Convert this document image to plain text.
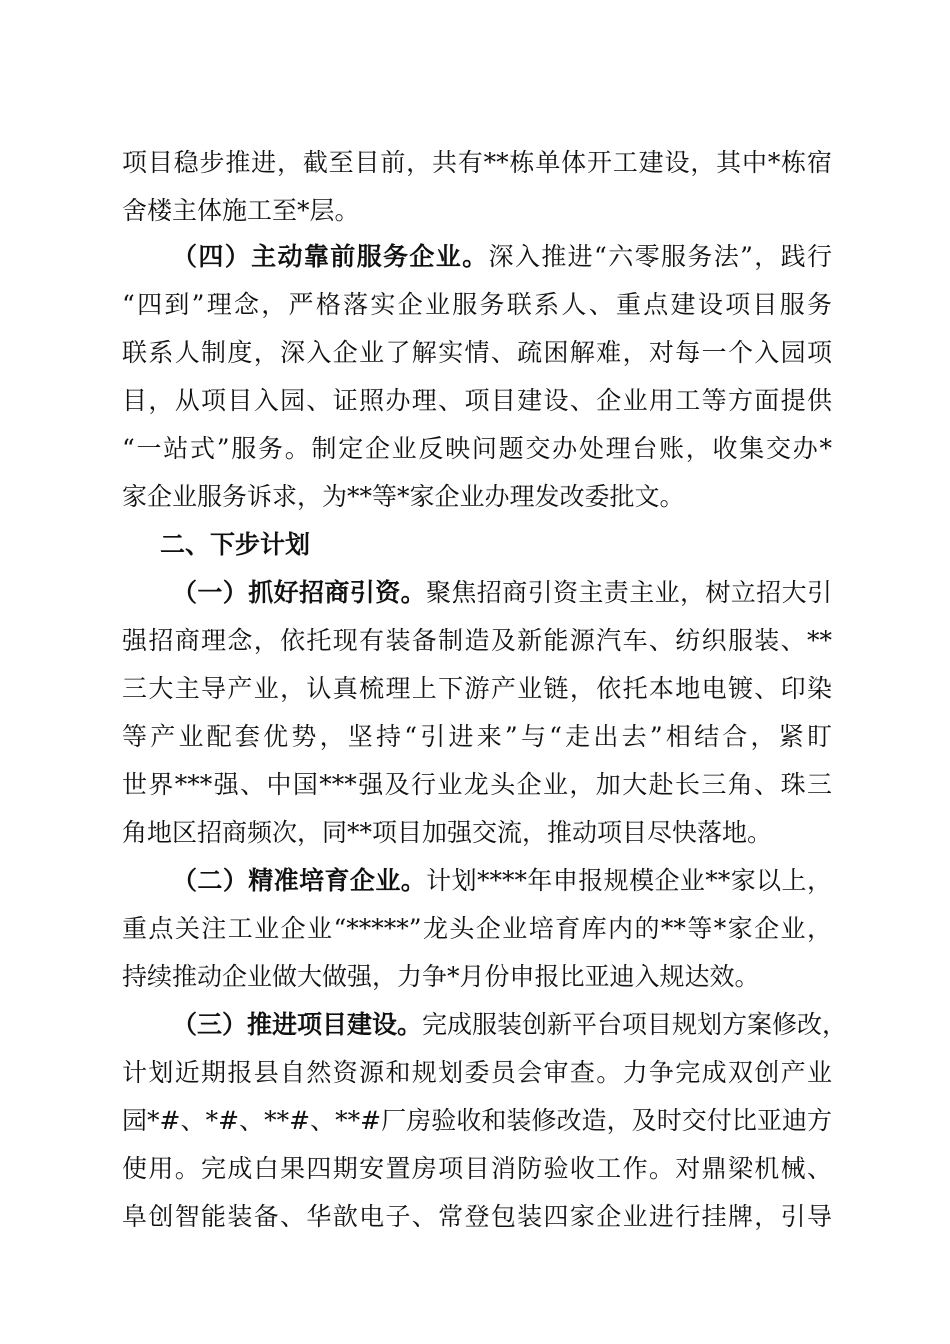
项目稳步推进，截至目前，共有**栋单体开工建设，其中*栋宿
舍楼主体施工至*层。
（四）主动靠前服务企业。深入推进“六零服务法”，践行
“四到”理念，严格落实企业服务联系人、重点建设项目服务
联系人制度，深入企业了解实情、疏困解难，对每一个入园项
目，从项目入园、证照办理、项目建设、企业用工等方面提供
“一站式”服务。制定企业反映问题交办处理台账，收集交办*
家企业服务诉求，为**等*家企业办理发改委批文。
二、下步计划
（一）抓好招商引资。聚焦招商引资主责主业，树立招大引
强招商理念，依托现有装备制造及新能源汽车、纺织服装、**
三大主导产业，认真梳理上下游产业链，依托本地电镀、印染
等产业配套优势，坚持“引进来”与“走出去”相结合，紧盯
世界***强、中国***强及行业龙头企业，加大赴长三角、珠三
角地区招商频次，同**项目加强交流，推动项目尽快落地。
（二）精准培育企业。计划****年申报规模企业**家以上，
重点关注工业企业“*****”龙头企业培育库内的**等*家企业，
持续推动企业做大做强，力争*月份申报比亚迪入规达效。
（三）推进项目建设。完成服装创新平台项目规划方案修改，
计划近期报县自然资源和规划委员会审查。力争完成双创产业
园*#、*#、**#、**#厂房验收和装修改造，及时交付比亚迪方
使用。完成白果四期安置房项目消防验收工作。对鼎梁机械、
阜创智能装备、华歆电子、常登包装四家企业进行挂牌，引导
